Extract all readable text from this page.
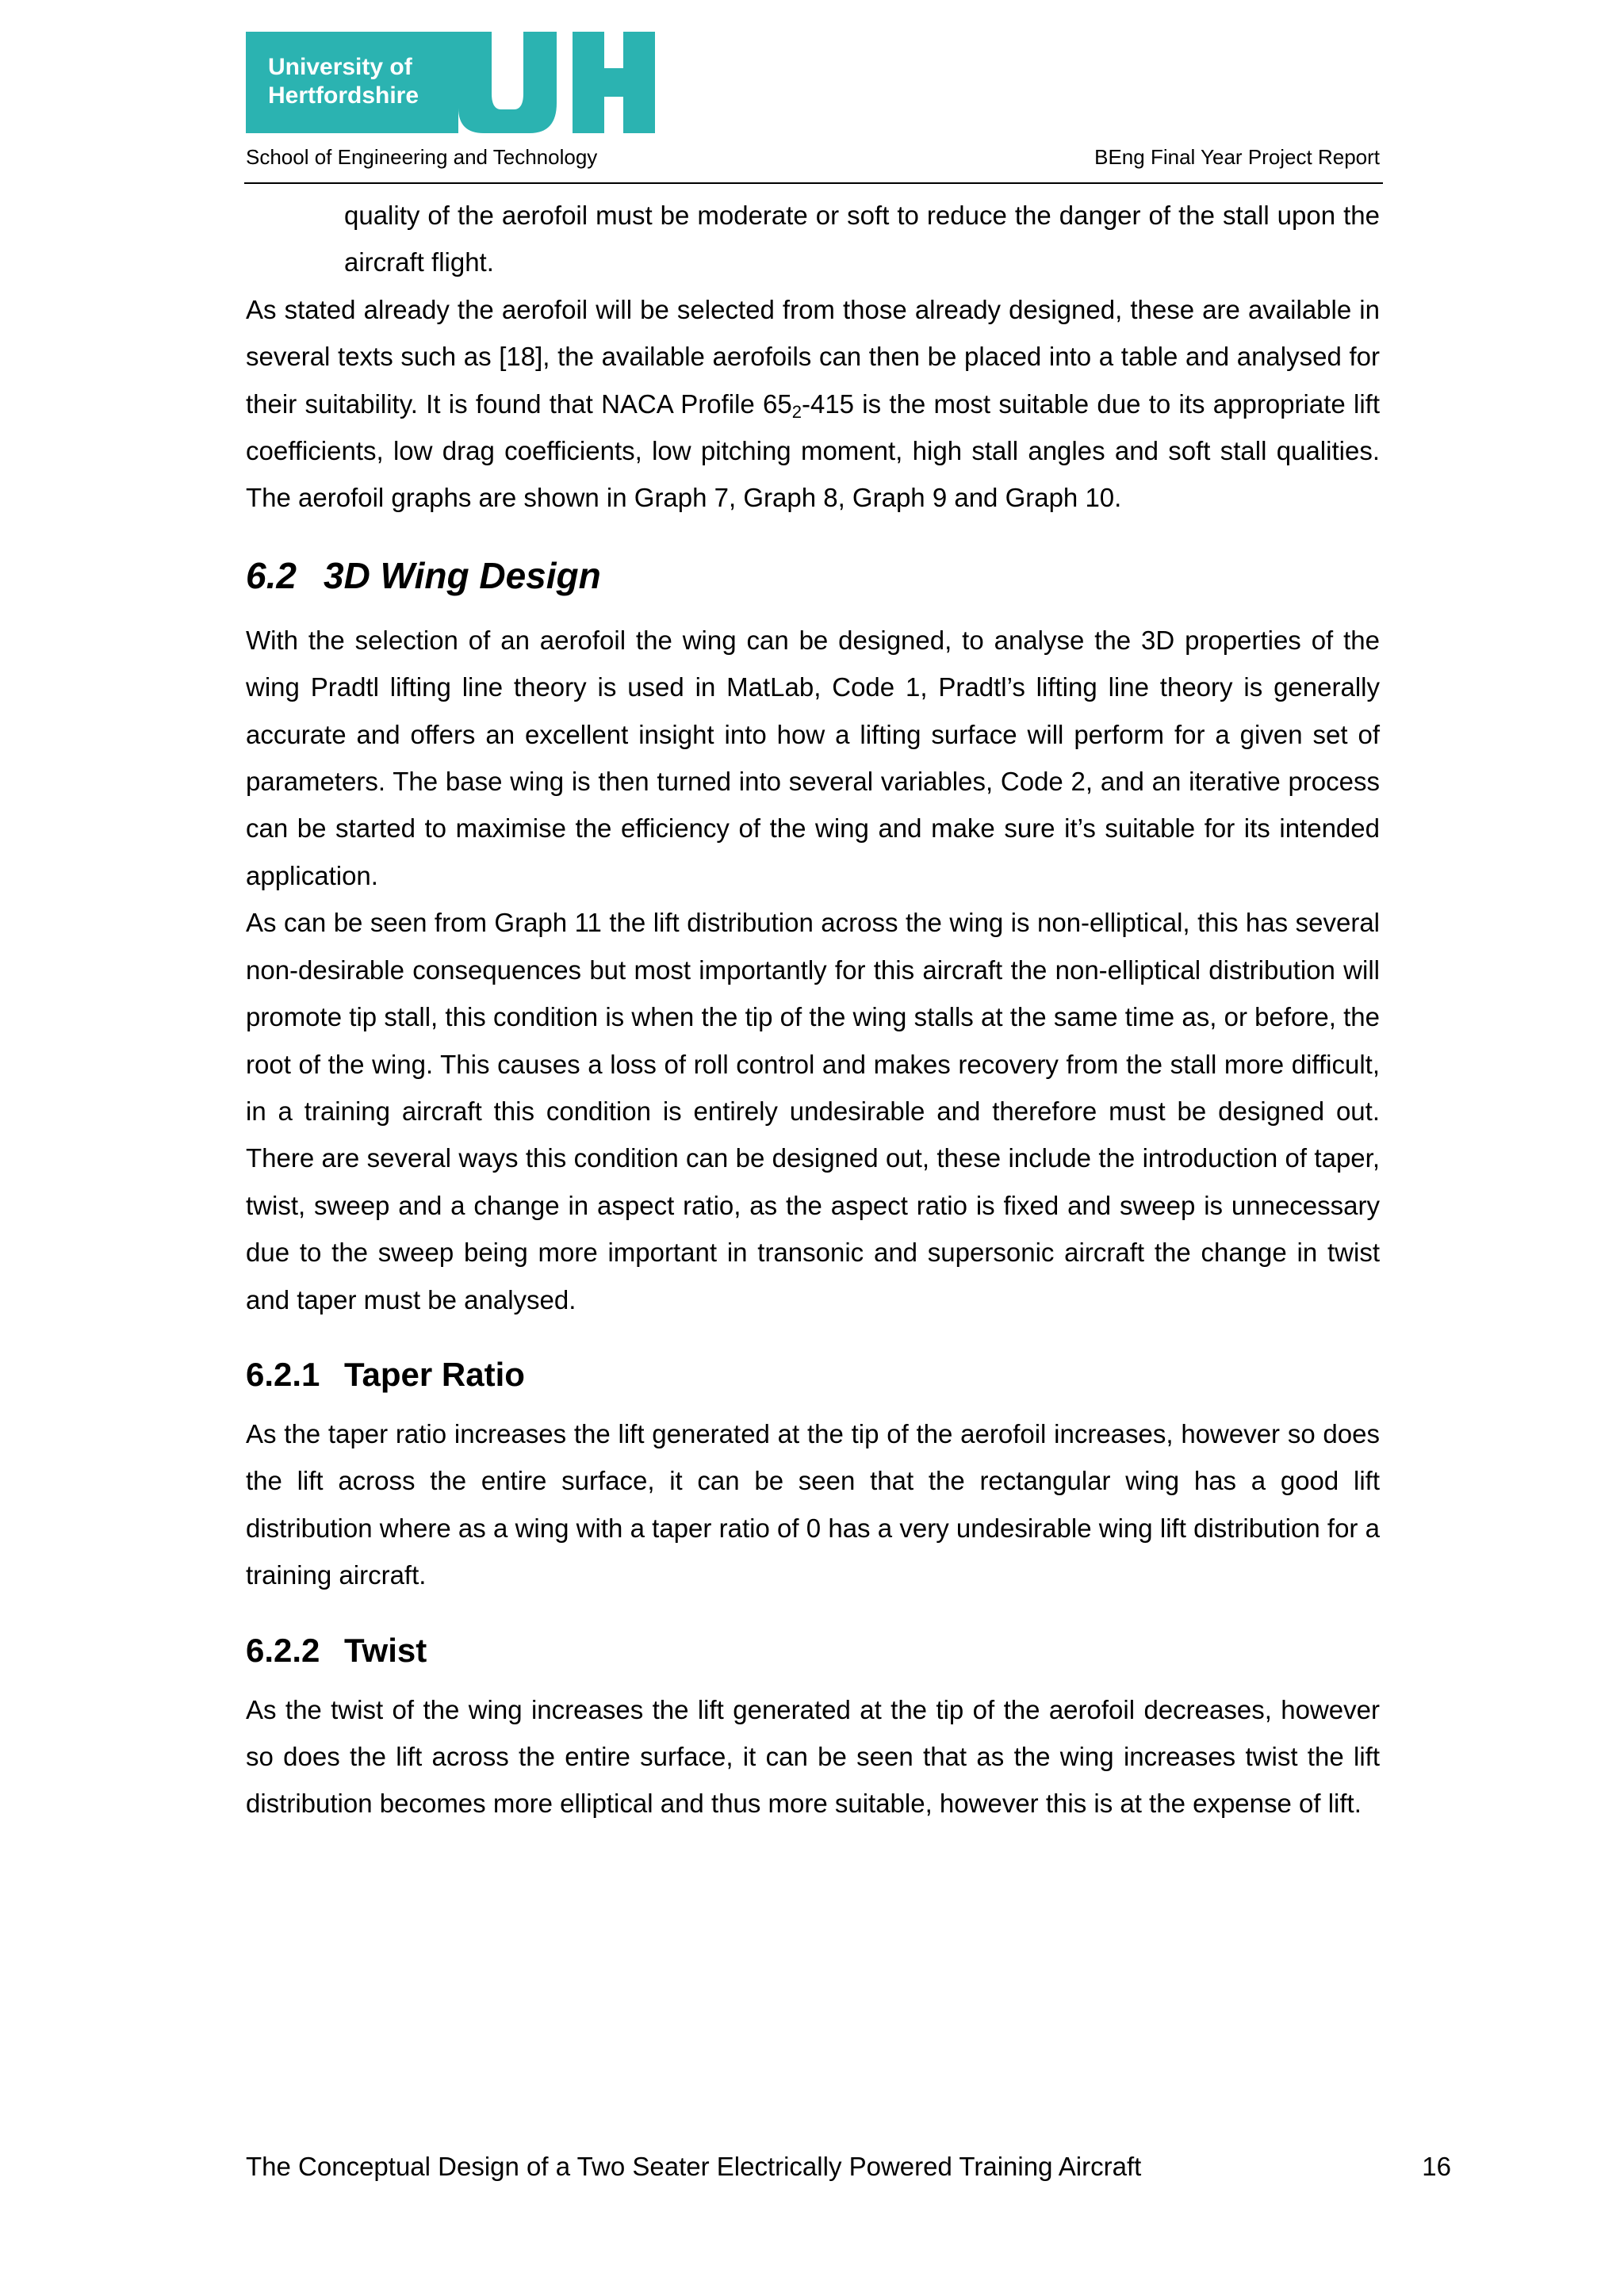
University of
Hertfordshire
School of Engineering and Technology	BEng Final Year Project Report

quality of the aerofoil must be moderate or soft to reduce the danger of the stall upon the aircraft flight.

As stated already the aerofoil will be selected from those already designed, these are available in several texts such as [18], the available aerofoils can then be placed into a table and analysed for their suitability. It is found that NACA Profile $65_2-415$ is the most suitable due to its appropriate lift coefficients, low drag coefficients, low pitching moment, high stall angles and soft stall qualities. The aerofoil graphs are shown in Graph 7, Graph 8, Graph 9 and Graph 10.

6.2 3D Wing Design

With the selection of an aerofoil the wing can be designed, to analyse the 3D properties of the wing Pradtl lifting line theory is used in MatLab, Code 1, Pradtl’s lifting line theory is generally accurate and offers an excellent insight into how a lifting surface will perform for a given set of parameters. The base wing is then turned into several variables, Code 2, and an iterative process can be started to maximise the efficiency of the wing and make sure it’s suitable for its intended application.

As can be seen from Graph 11 the lift distribution across the wing is non-elliptical, this has several non-desirable consequences but most importantly for this aircraft the non-elliptical distribution will promote tip stall, this condition is when the tip of the wing stalls at the same time as, or before, the root of the wing. This causes a loss of roll control and makes recovery from the stall more difficult, in a training aircraft this condition is entirely undesirable and therefore must be designed out. There are several ways this condition can be designed out, these include the introduction of taper, twist, sweep and a change in aspect ratio, as the aspect ratio is fixed and sweep is unnecessary due to the sweep being more important in transonic and supersonic aircraft the change in twist and taper must be analysed.

6.2.1 Taper Ratio

As the taper ratio increases the lift generated at the tip of the aerofoil increases, however so does the lift across the entire surface, it can be seen that the rectangular wing has a good lift distribution where as a wing with a taper ratio of 0 has a very undesirable wing lift distribution for a training aircraft.

6.2.2 Twist

As the twist of the wing increases the lift generated at the tip of the aerofoil decreases, however so does the lift across the entire surface, it can be seen that as the wing increases twist the lift distribution becomes more elliptical and thus more suitable, however this is at the expense of lift.

The Conceptual Design of a Two Seater Electrically Powered Training Aircraft	16
